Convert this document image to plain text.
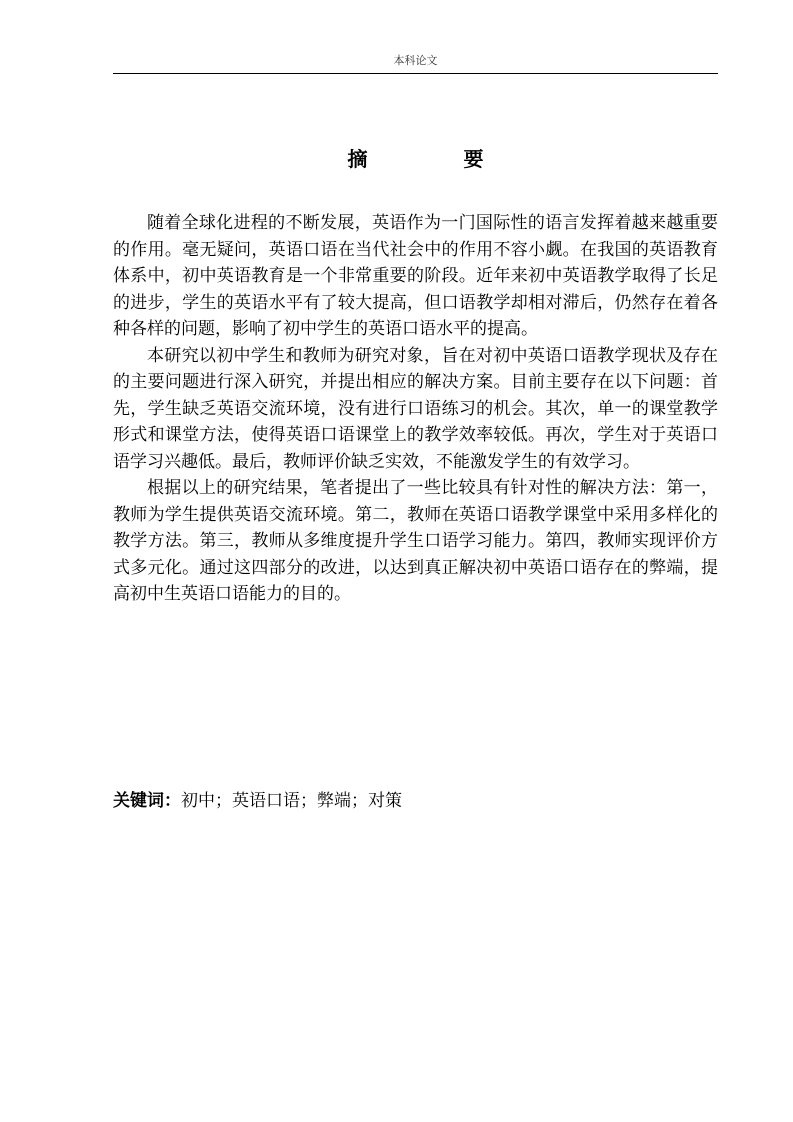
本科论文
摘　要

随着全球化进程的不断发展，英语作为一门国际性的语言发挥着越来越重要的作用。毫无疑问，英语口语在当代社会中的作用不容小觑。在我国的英语教育体系中，初中英语教育是一个非常重要的阶段。近年来初中英语教学取得了长足的进步，学生的英语水平有了较大提高，但口语教学却相对滞后，仍然存在着各种各样的问题，影响了初中学生的英语口语水平的提高。

本研究以初中学生和教师为研究对象，旨在对初中英语口语教学现状及存在的主要问题进行深入研究，并提出相应的解决方案。目前主要存在以下问题：首先，学生缺乏英语交流环境，没有进行口语练习的机会。其次，单一的课堂教学形式和课堂方法，使得英语口语课堂上的教学效率较低。再次，学生对于英语口语学习兴趣低。最后，教师评价缺乏实效，不能激发学生的有效学习。

根据以上的研究结果，笔者提出了一些比较具有针对性的解决方法：第一，教师为学生提供英语交流环境。第二，教师在英语口语教学课堂中采用多样化的教学方法。第三，教师从多维度提升学生口语学习能力。第四，教师实现评价方式多元化。通过这四部分的改进，以达到真正解决初中英语口语存在的弊端，提高初中生英语口语能力的目的。

关键词：初中；英语口语；弊端；对策
